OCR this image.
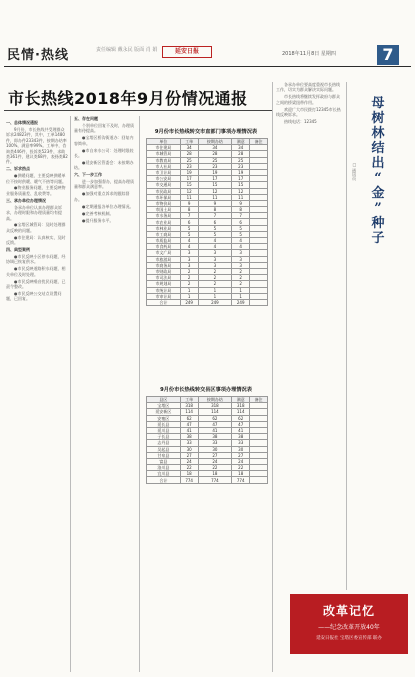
民情·热线	责任编辑 戴永民 版面 肖 娟	延安日报	2018年11月8日 星期四	7
市长热线2018年9月份情况通报

一、总体情况通报

9月份，市长热线共受理群众诉求24823件，其中，工单1480件，即办件23343件，按期办结率100%，满意率99%。工单中，咨询类446件，投诉类523件，求助类361件，建议类68件，表扬类82件。

二、诉求热点

●供暖问题，主要反映供暖单位不按时供暖、暖气不热等问题。

●物业服务问题，主要反映物业服务质量差、乱收费等。

三、承办单位办理情况

各承办单位认真办理群众诉求，办理时限和办理质量均有提高。

●宝塔区城管局：及时处理群众反映的问题。

●市住建局：认真核实，及时反馈。

四、典型案例

●市民反映小区停水问题，经协调已恢复供水。

●市民反映道路积水问题，相关单位及时处理。

●市民反映噪音扰民问题，已责令整改。

●市民反映公交站点设置问题，已回复。

五、存在问题

个别单位回复不及时，办理质量有待提高。

●宝塔区桥沟街道办：回复内容简单。

●市自来水公司：处理时限较长。

●延安新区管委会：未按期办结。

六、下一步工作

进一步加强督办，提高办理质量和群众满意率。

●加强对重点诉求的跟踪督办。

●定期通报各单位办理情况。

●完善考核机制。

●提升服务水平。

各承办单位要高度重视市长热线工作，切实为群众解决实际问题。

市长热线将继续发挥政府与群众之间的桥梁纽带作用。

欢迎广大市民拨打12345市长热线反映诉求。

热线电话：12345

9月份市长热线转交市直部门事项办理情况表
单位	工单	按期办结	满意	备注
市住建局	34	34	34	
市城管局	28	28	28	
市教育局	25	25	25	
市人社局	23	23	23	
市卫计局	19	19	19	
市公安局	17	17	17	
市交通局	15	15	15	
市民政局	12	12	12	
市环保局	11	11	11	
市物价局	9	9	9	
市国土局	8	8	8	
市水务局	7	7	7	
市农业局	6	6	6	
市林业局	5	5	5	
市工商局	5	5	5	
市质监局	4	4	4	
市食药局	4	4	4	
市文广局	3	3	3	
市旅游局	3	3	3	
市商务局	3	3	3	
市财政局	2	2	2	
市司法局	2	2	2	
市规划局	2	2	2	
市统计局	1	1	1	
市审计局	1	1	1	
合计	249	249	249	
9月份市长热线转交县区事项办理情况表
县区	工单	按期办结	满意	备注
宝塔区	318	318	318	
延安新区	114	114	114	
安塞区	62	62	62	
延长县	47	47	47	
延川县	41	41	41	
子长县	38	38	38	
志丹县	33	33	33	
吴起县	30	30	30	
甘泉县	27	27	27	
富县	24	24	24	
洛川县	22	22	22	
宜川县	18	18	18	
合计	774	774	774	
母
树
林
结
出
“
金
”
种
子
□ 通讯员
改革记忆
——纪念改革开放40年
延安日报社 宝塔区委宣传部 联办
